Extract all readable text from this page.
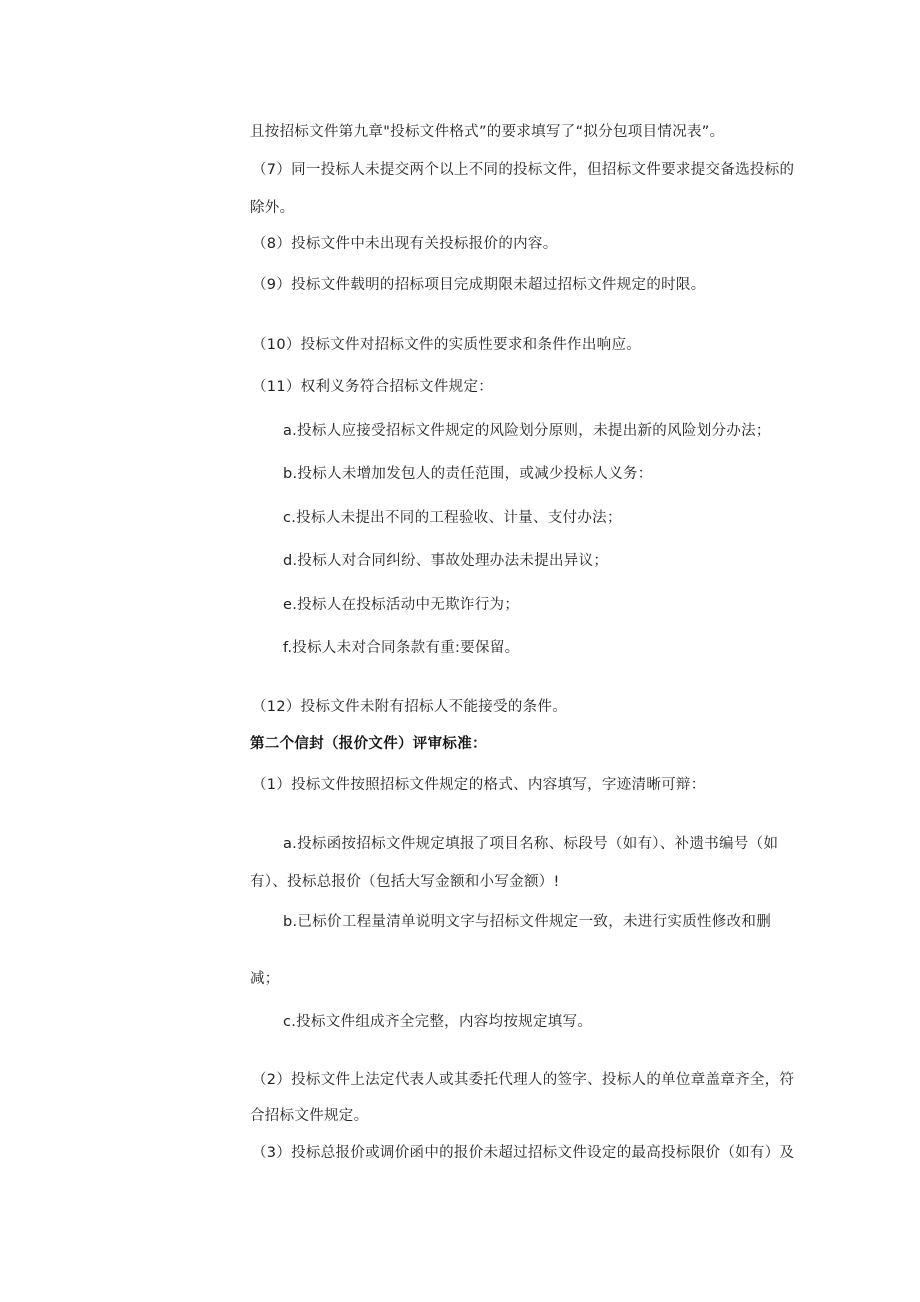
且按招标文件第九章"投标文件格式”的要求填写了“拟分包项目情况表”。
（7）同一投标人未提交两个以上不同的投标文件，但招标文件要求提交备选投标的
除外。
（8）投标文件中未出现有关投标报价的内容。
（9）投标文件载明的招标项目完成期限未超过招标文件规定的时限。
（10）投标文件对招标文件的实质性要求和条件作出响应。
（11）权利义务符合招标文件规定：
a.投标人应接受招标文件规定的风险划分原则，未提出新的风险划分办法；
b.投标人未增加发包人的责任范围，或减少投标人义务：
c.投标人未提出不同的工程验收、计量、支付办法；
d.投标人对合同纠纷、事故处理办法未提出异议；
e.投标人在投标活动中无欺诈行为；
f.投标人未对合同条款有重:要保留。
（12）投标文件未附有招标人不能接受的条件。
第二个信封（报价文件）评审标准：
（1）投标文件按照招标文件规定的格式、内容填写，字迹清晰可辩：
a.投标函按招标文件规定填报了项目名称、标段号（如有）、补遗书编号（如
有）、投标总报价（包括大写金额和小写金额）!
b.已标价工程量清单说明文字与招标文件规定一致，未进行实质性修改和删
减；
c.投标文件组成齐全完整，内容均按规定填写。
（2）投标文件上法定代表人或其委托代理人的签字、投标人的单位章盖章齐全，符
合招标文件规定。
（3）投标总报价或调价函中的报价未超过招标文件设定的最高投标限价（如有）及
